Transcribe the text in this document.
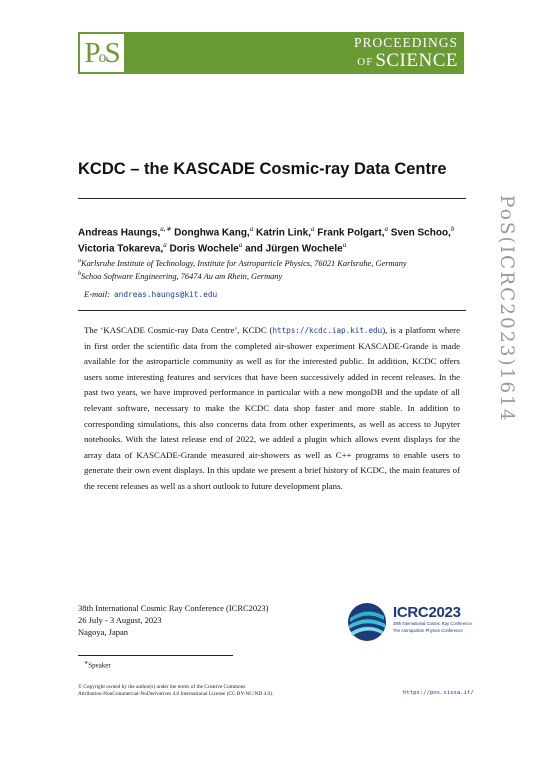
P o S	PROCEEDINGS
OF SCIENCE
KCDC – the KASCADE Cosmic-ray Data Centre
Andreas Haungs,$^{a,∗}$ Donghwa Kang,$^a$ Katrin Link,$^a$ Frank Polgart,$^a$ Sven Schoo,$^b$
Victoria Tokareva,$^a$ Doris Wochele$^a$ and Jürgen Wochele$^a$
$^a$Karlsruhe Institute of Technology, Institute for Astroparticle Physics, 76021 Karlsruhe, Germany
$^b$Schoo Software Engineering, 76474 Au am Rhein, Germany
E-mail: andreas.haungs@kit.edu
The ‘KASCADE Cosmic-ray Data Centre’, KCDC (https://kcdc.iap.kit.edu), is a platform where in first order the scientific data from the completed air-shower experiment KASCADE-Grande is made available for the astroparticle community as well as for the interested public. In addition, KCDC offers users some interesting features and services that have been successively added in recent releases. In the past two years, we have improved performance in particular with a new mongoDB and the update of all relevant software, necessary to make the KCDC data shop faster and more stable. In addition to corresponding simulations, this also concerns data from other experiments, as well as access to Jupyter notebooks. With the latest release end of 2022, we added a plugin which allows event displays for the array data of KASCADE-Grande measured air-showers as well as C++ programs to enable users to generate their own event displays. In this update we present a brief history of KCDC, the main features of the recent releases as well as a short outlook to future development plans.
PoS(ICRC2023)1614
38th International Cosmic Ray Conference (ICRC2023)
26 July - 3 August, 2023
Nagoya, Japan
ICRC2023
38th International Cosmic Ray Conference
The Astroparticle Physics Conference
∗Speaker
© Copyright owned by the author(s) under the terms of the Creative Commons
Attribution-NonCommercial-NoDerivatives 4.0 International License (CC BY-NC-ND 4.0).	https://pos.sissa.it/
